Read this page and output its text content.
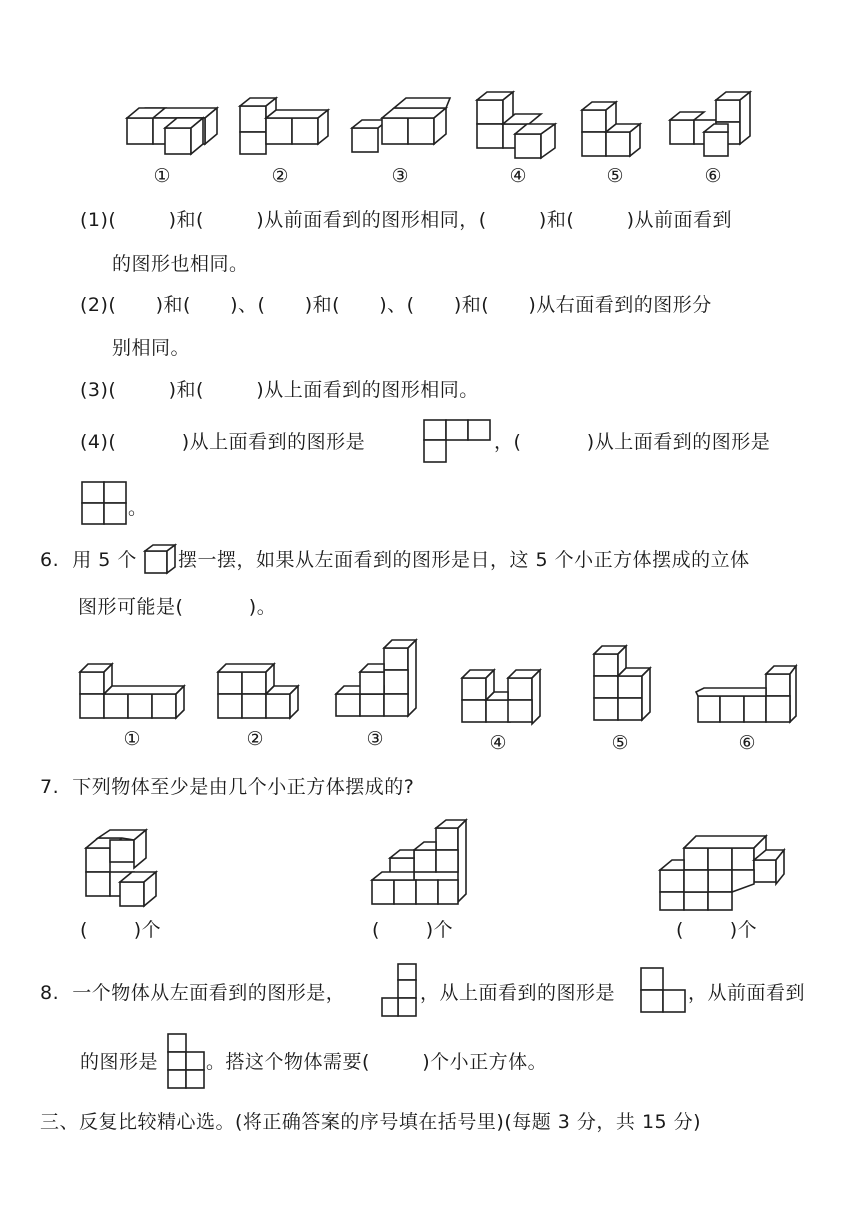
①	②	③	④	⑤	⑥
(1)(        )和(        )从前面看到的图形相同，(        )和(        )从前面看到
的图形也相同。
(2)(      )和(      )、(      )和(      )、(      )和(      )从右面看到的图形分
别相同。
(3)(        )和(        )从上面看到的图形相同。
(4)(          )从上面看到的图形是	，(          )从上面看到的图形是
。
6.  用 5 个 摆一摆，如果从左面看到的图形是日，这 5 个小正方体摆成的立体
图形可能是(          )。
①	②	③	④	⑤	⑥
7.  下列物体至少是由几个小正方体摆成的?
(       )个	(       )个	(       )个
8.  一个物体从左面看到的图形是，	，从上面看到的图形是	，从前面看到
的图形是	。搭这个物体需要(        )个小正方体。
三、反复比较精心选。(将正确答案的序号填在括号里)(每题 3 分，共 15 分)
